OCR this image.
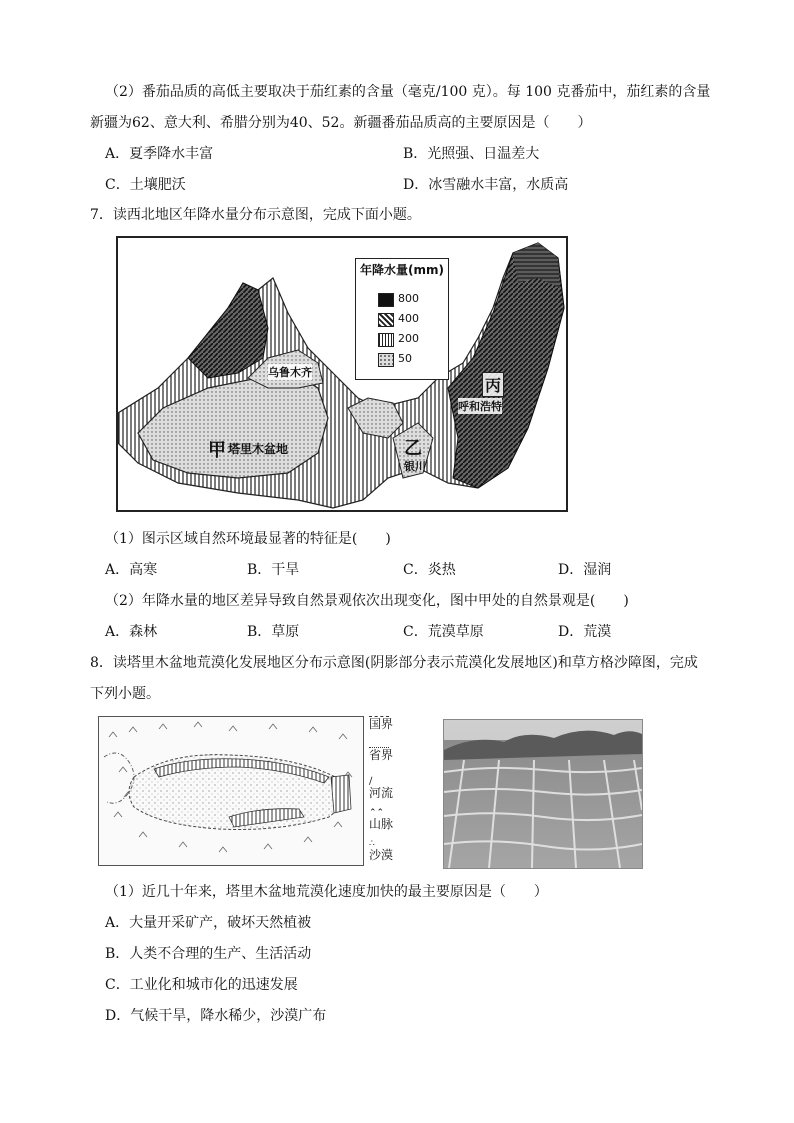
（2）番茄品质的高低主要取决于茄红素的含量（毫克/100 克）。每 100 克番茄中，茄红素的含量
新疆为62、意大利、希腊分别为40、52。新疆番茄品质高的主要原因是（　　）
A．夏季降水丰富	B．光照强、日温差大
C．土壤肥沃	D．冰雪融水丰富，水质高
7．读西北地区年降水量分布示意图，完成下面小题。
年降水量(mm)
800
400
200
50
乌鲁木齐
甲 塔里木盆地	乙
银川
丙
呼和浩特
（1）图示区域自然环境最显著的特征是(　　)
A．高寒	B．干旱	C．炎热	D．湿润
（2）年降水量的地区差异导致自然景观依次出现变化，图中甲处的自然景观是(　　)
A．森林	B．草原	C．荒漠草原	D．荒漠
8．读塔里木盆地荒漠化发展地区分布示意图(阴影部分表示荒漠化发展地区)和草方格沙障图，完成
下列小题。
国界
省界
∕
河流
⌃⌃
山脉
∴
沙漠
（1）近几十年来，塔里木盆地荒漠化速度加快的最主要原因是（　　）
A．大量开采矿产，破坏天然植被
B．人类不合理的生产、生活活动
C．工业化和城市化的迅速发展
D．气候干旱，降水稀少，沙漠广布
